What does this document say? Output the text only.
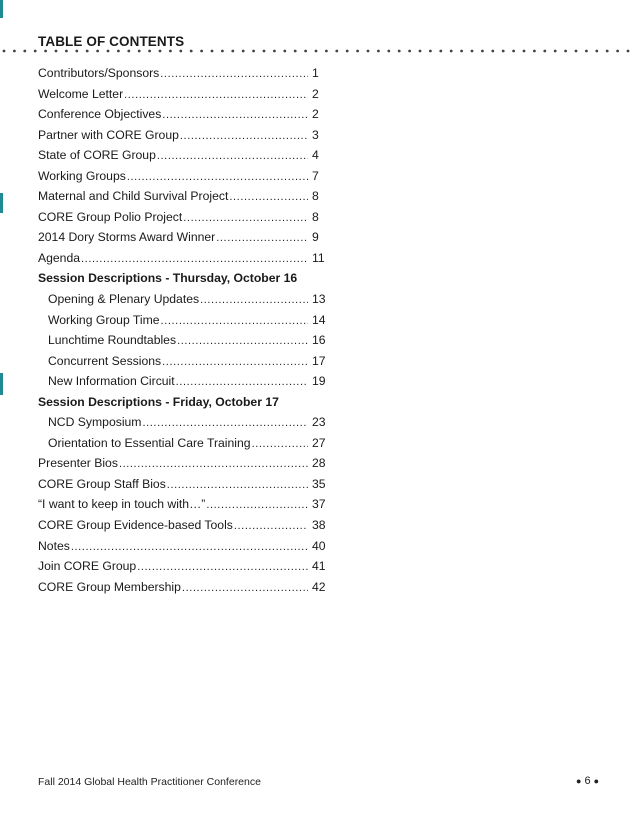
TABLE OF CONTENTS
Contributors/Sponsors .....	1
Welcome Letter .....	2
Conference Objectives .....	2
Partner with CORE Group .....	3
State of CORE Group .....	4
Working Groups .....	7
Maternal and Child Survival Project .....	8
CORE Group Polio Project .....	8
2014 Dory Storms Award Winner .....	9
Agenda .....	11
Session Descriptions - Thursday, October 16
Opening & Plenary Updates .....	13
Working Group Time .....	14
Lunchtime Roundtables .....	16
Concurrent Sessions .....	17
New Information Circuit .....	19
Session Descriptions - Friday, October 17
NCD Symposium .....	23
Orientation to Essential Care Training .....	27
Presenter Bios .....	28
CORE Group Staff Bios .....	35
“I want to keep in touch with…” .....	37
CORE Group Evidence-based Tools .....	38
Notes .....	40
Join CORE Group .....	41
CORE Group Membership .....	42
Fall 2014 Global Health Practitioner Conference	● 6 ●
